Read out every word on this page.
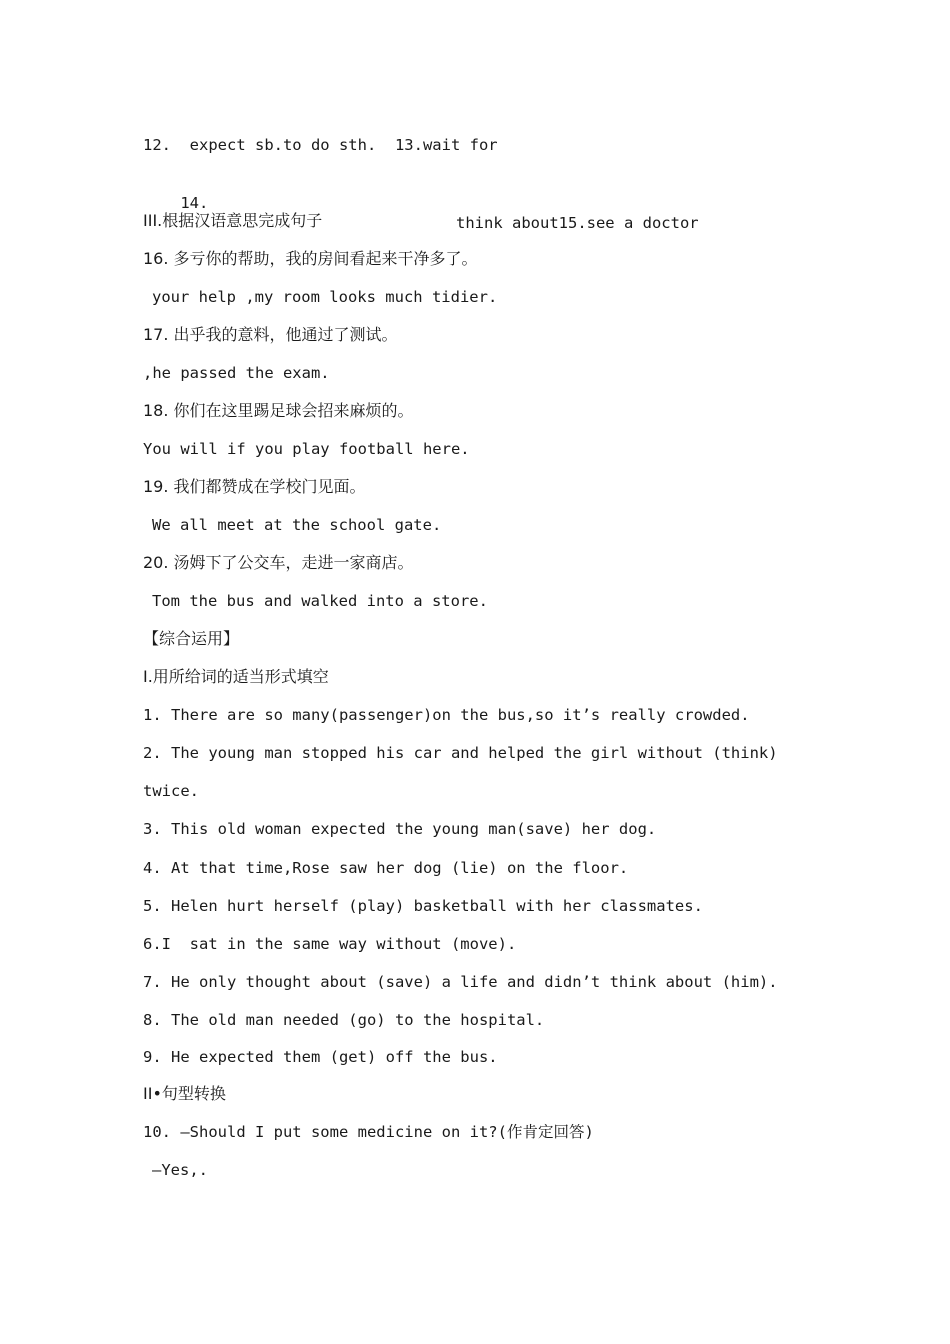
12.  expect sb.to do sth.  13.wait for

14.

think about15.see a doctor

III.根据汉语意思完成句子
16. 多亏你的帮助，我的房间看起来干净多了。
your help ,my room looks much tidier.
17. 出乎我的意料，他通过了测试。
,he passed the exam.
18. 你们在这里踢足球会招来麻烦的。
You will if you play football here.
19. 我们都赞成在学校门见面。
We all meet at the school gate.
20. 汤姆下了公交车，走进一家商店。
Tom the bus and walked into a store.
【综合运用】
I.用所给词的适当形式填空
1. There are so many(passenger)on the bus,so it’s really crowded.
2. The young man stopped his car and helped the girl without (think)
twice.
3. This old woman expected the young man(save) her dog.
4. At that time,Rose saw her dog (lie) on the floor.
5. Helen hurt herself (play) basketball with her classmates.
6.I  sat in the same way without (move).
7. He only thought about (save) a life and didn’t think about (him).
8. The old man needed (go) to the hospital.
9. He expected them (get) off the bus.
II•句型转换
10. —Should I put some medicine on it?(作肯定回答)
—Yes,.
